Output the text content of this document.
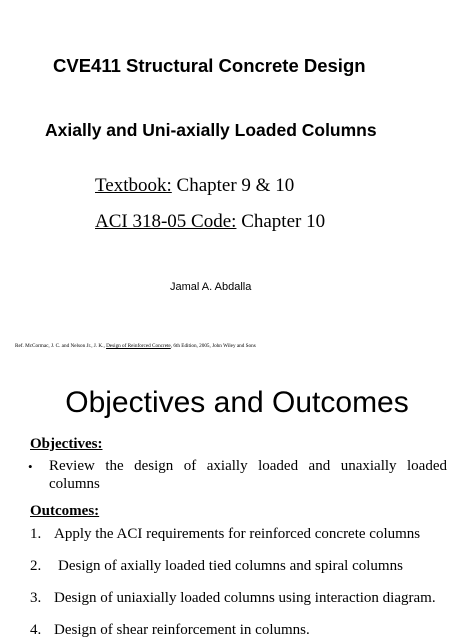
CVE411 Structural Concrete Design
Axially and Uni-axially Loaded Columns
Textbook: Chapter 9 & 10
ACI 318-05 Code: Chapter 10
Jamal A. Abdalla
Ref. McCormac, J. C. and Nelson Jr., J. K., Design of Reinforced Concrete, 6th Edition, 2005, John Wiley and Sons
Objectives and Outcomes
Objectives:
• Review the design of axially loaded and unaxially loaded columns
Outcomes:
1. Apply the ACI requirements for reinforced concrete columns
2. Design of axially loaded tied columns and spiral columns
3. Design of uniaxially loaded columns using interaction diagram.
4. Design of shear reinforcement in columns.
